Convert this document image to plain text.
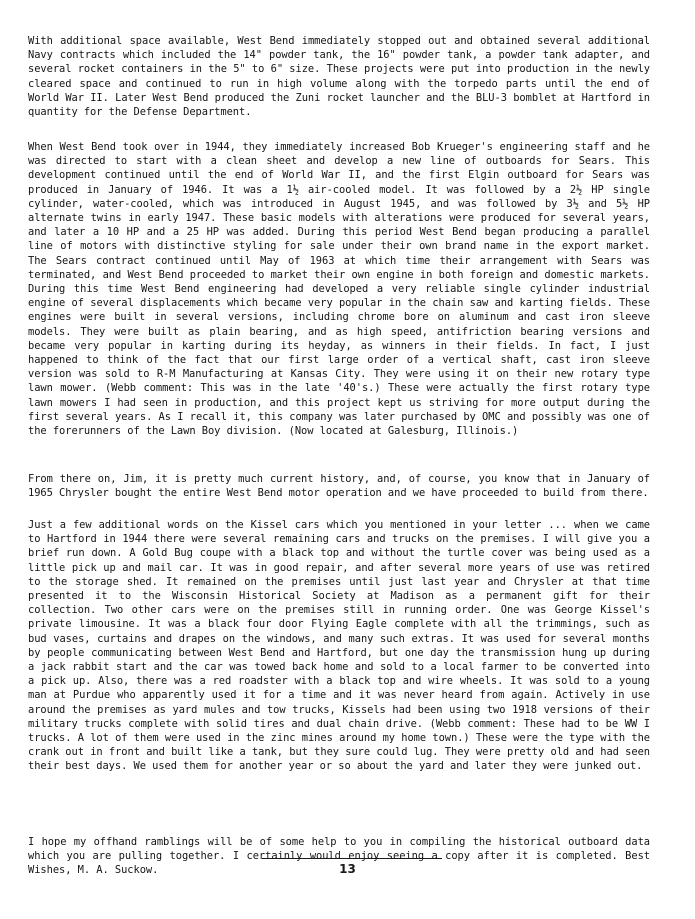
With additional space available, West Bend immediately stopped out and obtained several additional Navy contracts which included the 14" powder tank, the 16" powder tank, a powder tank adapter, and several rocket containers in the 5" to 6" size. These projects were put into production in the newly cleared space and continued to run in high volume along with the torpedo parts until the end of World War II. Later West Bend produced the Zuni rocket launcher and the BLU-3 bomblet at Hartford in quantity for the Defense Department.

When West Bend took over in 1944, they immediately increased Bob Krueger's engineering staff and he was directed to start with a clean sheet and develop a new line of outboards for Sears. This development continued until the end of World War II, and the first Elgin outboard for Sears was produced in January of 1946. It was a 1½ air-cooled model. It was followed by a 2½ HP single cylinder, water-cooled, which was introduced in August 1945, and was followed by 3½ and 5½ HP alternate twins in early 1947. These basic models with alterations were produced for several years, and later a 10 HP and a 25 HP was added. During this period West Bend began producing a parallel line of motors with distinctive styling for sale under their own brand name in the export market. The Sears contract continued until May of 1963 at which time their arrangement with Sears was terminated, and West Bend proceeded to market their own engine in both foreign and domestic markets. During this time West Bend engineering had developed a very reliable single cylinder industrial engine of several displacements which became very popular in the chain saw and karting fields. These engines were built in several versions, including chrome bore on aluminum and cast iron sleeve models. They were built as plain bearing, and as high speed, antifriction bearing versions and became very popular in karting during its heyday, as winners in their fields. In fact, I just happened to think of the fact that our first large order of a vertical shaft, cast iron sleeve version was sold to R-M Manufacturing at Kansas City. They were using it on their new rotary type lawn mower. (Webb comment: This was in the late '40's.) These were actually the first rotary type lawn mowers I had seen in production, and this project kept us striving for more output during the first several years. As I recall it, this company was later purchased by OMC and possibly was one of the forerunners of the Lawn Boy division. (Now located at Galesburg, Illinois.)

From there on, Jim, it is pretty much current history, and, of course, you know that in January of 1965 Chrysler bought the entire West Bend motor operation and we have proceeded to build from there.

Just a few additional words on the Kissel cars which you mentioned in your letter ... when we came to Hartford in 1944 there were several remaining cars and trucks on the premises. I will give you a brief run down. A Gold Bug coupe with a black top and without the turtle cover was being used as a little pick up and mail car. It was in good repair, and after several more years of use was retired to the storage shed. It remained on the premises until just last year and Chrysler at that time presented it to the Wisconsin Historical Society at Madison as a permanent gift for their collection. Two other cars were on the premises still in running order. One was George Kissel's private limousine. It was a black four door Flying Eagle complete with all the trimmings, such as bud vases, curtains and drapes on the windows, and many such extras. It was used for several months by people communicating between West Bend and Hartford, but one day the transmission hung up during a jack rabbit start and the car was towed back home and sold to a local farmer to be converted into a pick up. Also, there was a red roadster with a black top and wire wheels. It was sold to a young man at Purdue who apparently used it for a time and it was never heard from again. Actively in use around the premises as yard mules and tow trucks, Kissels had been using two 1918 versions of their military trucks complete with solid tires and dual chain drive. (Webb comment: These had to be WW I trucks. A lot of them were used in the zinc mines around my home town.) These were the type with the crank out in front and built like a tank, but they sure could lug. They were pretty old and had seen their best days. We used them for another year or so about the yard and later they were junked out.

I hope my offhand ramblings will be of some help to you in compiling the historical outboard data which you are pulling together. I certainly would enjoy seeing a copy after it is completed. Best Wishes, M. A. Suckow.	13
